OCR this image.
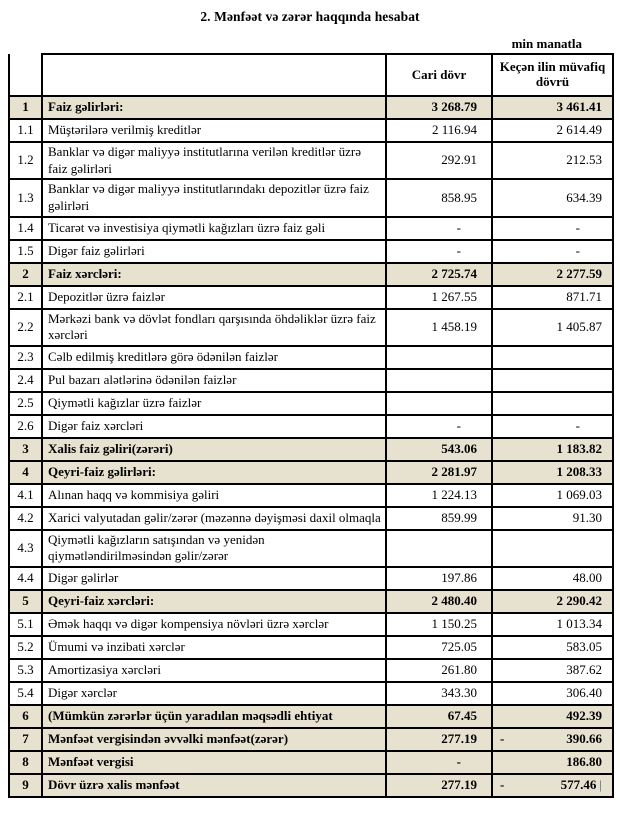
2. Mənfəət və zərər haqqında hesabat
min manatla
		Cari dövr	Keçən ilin müvafiq dövrü
1	Faiz gəlirləri:	3 268.79	3 461.41
1.1	Müştərilərə verilmiş kreditlər	2 116.94	2 614.49
1.2	Banklar və digər maliyyə institutlarına verilən kreditlər üzrə faiz gəlirləri	292.91	212.53
1.3	Banklar və digər maliyyə institutlarındakı depozitlər üzrə faiz gəlirləri	858.95	634.39
1.4	Ticarət və investisiya qiymətli kağızları üzrə faiz gəli	-	-
1.5	Digər faiz gəlirləri	-	-
2	Faiz xərcləri:	2 725.74	2 277.59
2.1	Depozitlər üzrə faizlər	1 267.55	871.71
2.2	Mərkəzi bank və dövlət fondları qarşısında öhdəliklər üzrə faiz xərcləri	1 458.19	1 405.87
2.3	Cəlb edilmiş kreditlərə görə ödənilən faizlər		
2.4	Pul bazarı alətlərinə ödənilən faizlər		
2.5	Qiymətli kağızlar üzrə faizlər		
2.6	Digər faiz xərcləri	-	-
3	Xalis faiz gəliri(zərəri)	543.06	1 183.82
4	Qeyri-faiz gəlirləri:	2 281.97	1 208.33
4.1	Alınan haqq və kommisiya gəliri	1 224.13	1 069.03
4.2	Xarici valyutadan gəlir/zərər (məzənnə dəyişməsi daxil olmaqla	859.99	91.30
4.3	Qiymətli kağızların satışından və yenidən qiymətləndirilməsindən gəlir/zərər		
4.4	Digər gəlirlər	197.86	48.00
5	Qeyri-faiz xərcləri:	2 480.40	2 290.42
5.1	Əmək haqqı və digər kompensiya növləri üzrə xərclər	1 150.25	1 013.34
5.2	Ümumi və inzibati xərclər	725.05	583.05
5.3	Amortizasiya xərcləri	261.80	387.62
5.4	Digər xərclər	343.30	306.40
6	(Mümkün zərərlər üçün yaradılan məqsədli ehtiyat	67.45	492.39
7	Mənfəət vergisindən əvvəlki mənfəət(zərər)	277.19	- 390.66
8	Mənfəət vergisi	-	186.80
9	Dövr üzrə xalis mənfəət	277.19	- 577.46 |
